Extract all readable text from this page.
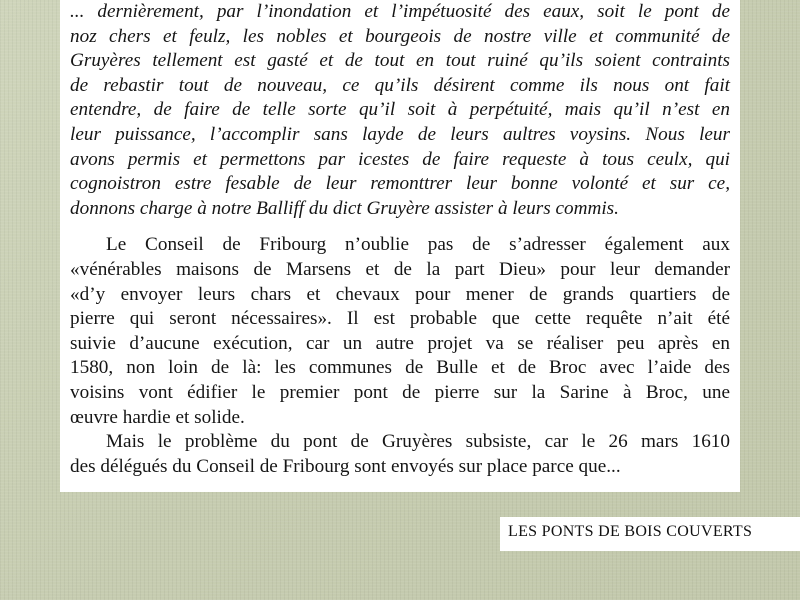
... dernièrement, par l’inondation et l’impétuosité des eaux, soit le pont de
noz chers et feulz, les nobles et bourgeois de nostre ville et communité de
Gruyères tellement est gasté et de tout en tout ruiné qu’ils soient contraints
de rebastir tout de nouveau, ce qu’ils désirent comme ils nous ont fait
entendre, de faire de telle sorte qu’il soit à perpétuité, mais qu’il n’est en
leur puissance, l’accomplir sans layde de leurs aultres voysins. Nous leur
avons permis et permettons par icestes de faire requeste à tous ceulx, qui
cognoistron estre fesable de leur remonttrer leur bonne volonté et sur ce,
donnons charge à notre Balliff du dict Gruyère assister à leurs commis.
Le Conseil de Fribourg n’oublie pas de s’adresser également aux
«vénérables maisons de Marsens et de la part Dieu» pour leur demander
«d’y envoyer leurs chars et chevaux pour mener de grands quartiers de
pierre qui seront nécessaires». Il est probable que cette requête n’ait été
suivie d’aucune exécution, car un autre projet va se réaliser peu après en
1580, non loin de là: les communes de Bulle et de Broc avec l’aide des
voisins vont édifier le premier pont de pierre sur la Sarine à Broc, une
œuvre hardie et solide.
Mais le problème du pont de Gruyères subsiste, car le 26 mars 1610
des délégués du Conseil de Fribourg sont envoyés sur place parce que...
LES PONTS DE BOIS COUVERTS
